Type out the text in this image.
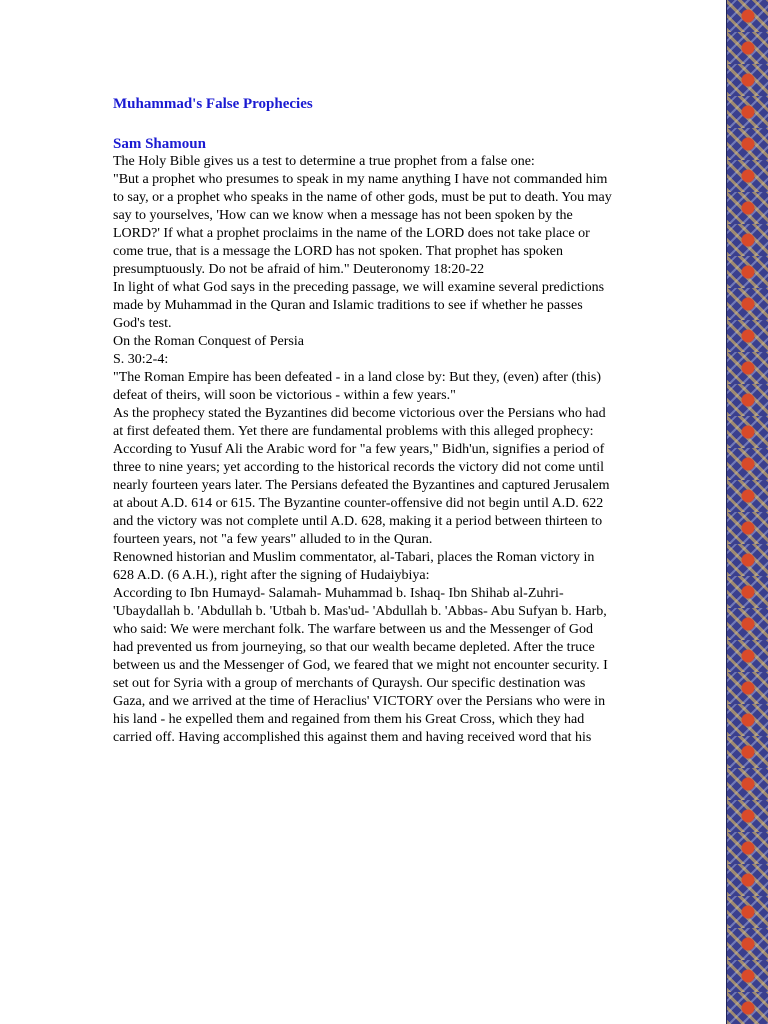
Muhammad's False Prophecies
Sam Shamoun

The Holy Bible gives us a test to determine a true prophet from a false one:

"But a prophet who presumes to speak in my name anything I have not commanded him
to say, or a prophet who speaks in the name of other gods, must be put to death. You may
say to yourselves, 'How can we know when a message has not been spoken by the
LORD?' If what a prophet proclaims in the name of the LORD does not take place or
come true, that is a message the LORD has not spoken. That prophet has spoken
presumptuously. Do not be afraid of him." Deuteronomy 18:20-22

In light of what God says in the preceding passage, we will examine several predictions
made by Muhammad in the Quran and Islamic traditions to see if whether he passes
God's test.

On the Roman Conquest of Persia

S. 30:2-4:

"The Roman Empire has been defeated - in a land close by: But they, (even) after (this)
defeat of theirs, will soon be victorious - within a few years."

As the prophecy stated the Byzantines did become victorious over the Persians who had
at first defeated them. Yet there are fundamental problems with this alleged prophecy:

According to Yusuf Ali the Arabic word for "a few years," Bidh'un, signifies a period of
three to nine years; yet according to the historical records the victory did not come until
nearly fourteen years later. The Persians defeated the Byzantines and captured Jerusalem
at about A.D. 614 or 615. The Byzantine counter-offensive did not begin until A.D. 622
and the victory was not complete until A.D. 628, making it a period between thirteen to
fourteen years, not "a few years" alluded to in the Quran.

Renowned historian and Muslim commentator, al-Tabari, places the Roman victory in
628 A.D. (6 A.H.), right after the signing of Hudaiybiya:

According to Ibn Humayd- Salamah- Muhammad b. Ishaq- Ibn Shihab al-Zuhri-
'Ubaydallah b. 'Abdullah b. 'Utbah b. Mas'ud- 'Abdullah b. 'Abbas- Abu Sufyan b. Harb,
who said: We were merchant folk. The warfare between us and the Messenger of God
had prevented us from journeying, so that our wealth became depleted. After the truce
between us and the Messenger of God, we feared that we might not encounter security. I
set out for Syria with a group of merchants of Quraysh. Our specific destination was
Gaza, and we arrived at the time of Heraclius' VICTORY over the Persians who were in
his land - he expelled them and regained from them his Great Cross, which they had
carried off. Having accomplished this against them and having received word that his
